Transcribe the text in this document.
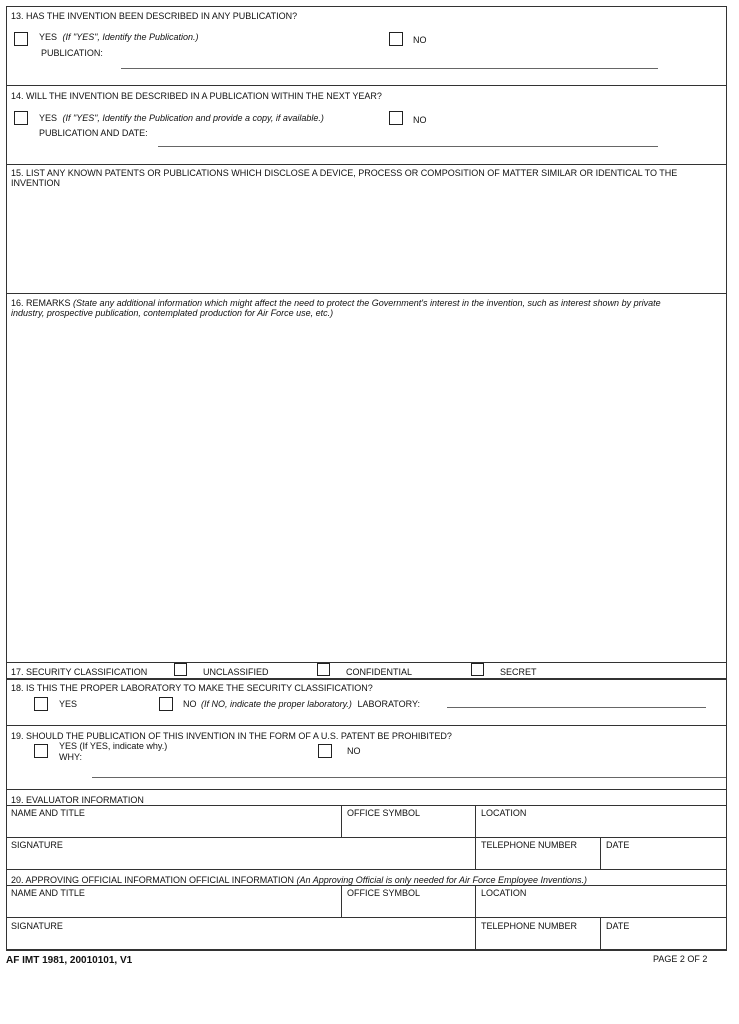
13. HAS THE INVENTION BEEN DESCRIBED IN ANY PUBLICATION?
YES (If "YES", Identify the Publication.)	NO
PUBLICATION:
14. WILL THE INVENTION BE DESCRIBED IN A PUBLICATION WITHIN THE NEXT YEAR?
YES (If "YES", Identify the Publication and provide a copy, if available.)	NO
PUBLICATION AND DATE:
15. LIST ANY KNOWN PATENTS OR PUBLICATIONS WHICH DISCLOSE A DEVICE, PROCESS OR COMPOSITION OF MATTER SIMILAR OR IDENTICAL TO THE INVENTION
16. REMARKS (State any additional information which might affect the need to protect the Government's interest in the invention, such as interest shown by private industry, prospective publication, contemplated production for Air Force use, etc.)
17. SECURITY CLASSIFICATION	UNCLASSIFIED	CONFIDENTIAL	SECRET
18. IS THIS THE PROPER LABORATORY TO MAKE THE SECURITY CLASSIFICATION?
YES	NO (If NO, indicate the proper laboratory.) LABORATORY:
19. SHOULD THE PUBLICATION OF THIS INVENTION IN THE FORM OF A U.S. PATENT BE PROHIBITED?
YES (If YES, indicate why.)
WHY:
NO
19. EVALUATOR INFORMATION
NAME AND TITLE	OFFICE SYMBOL	LOCATION
SIGNATURE	TELEPHONE NUMBER	DATE
20. APPROVING OFFICIAL INFORMATION OFFICIAL INFORMATION (An Approving Official is only needed for Air Force Employee Inventions.)
NAME AND TITLE	OFFICE SYMBOL	LOCATION
SIGNATURE	TELEPHONE NUMBER	DATE
AF IMT 1981, 20010101, V1	PAGE 2 OF 2
